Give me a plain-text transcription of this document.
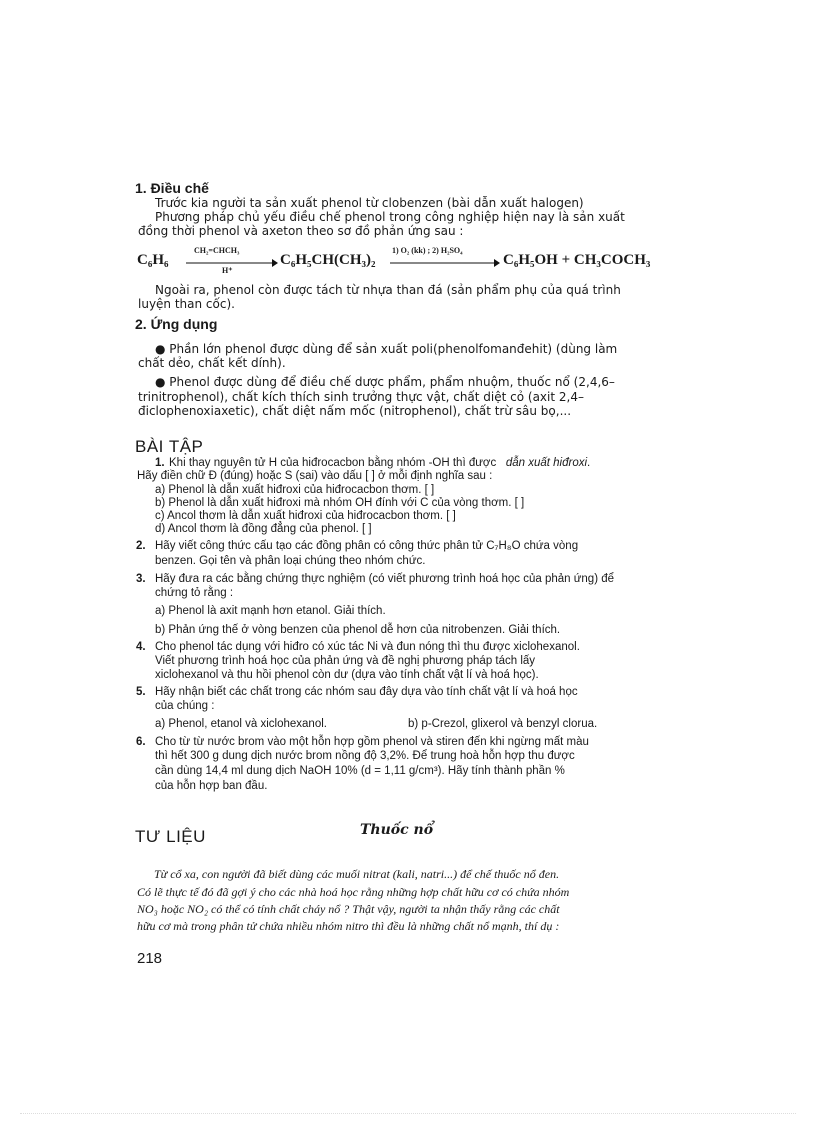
1. Điều chế
Trước kia người ta sản xuất phenol từ clobenzen (bài dẫn xuất halogen)
Phương pháp chủ yếu điều chế phenol trong công nghiệp hiện nay là sản xuất
đồng thời phenol và axeton theo sơ đồ phản ứng sau :
C₆H₆
CH₂=CHCH₃
H⁺
C₆H₅CH(CH₃)₂
1) O₂ (kk) ; 2) H₂SO₄
C₆H₅OH + CH₃COCH₃
Ngoài ra, phenol còn được tách từ nhựa than đá (sản phẩm phụ của quá trình
luyện than cốc).
2. Ứng dụng
● Phần lớn phenol được dùng để sản xuất poli(phenolfomanđehit) (dùng làm
chất dẻo, chất kết dính).
● Phenol được dùng để điều chế dược phẩm, phẩm nhuộm, thuốc nổ (2,4,6–
trinitrophenol), chất kích thích sinh trưởng thực vật, chất diệt cỏ (axit 2,4–
điclophenoxiaxetic), chất diệt nấm mốc (nitrophenol), chất trừ sâu bọ,...
BÀI TẬP
1. Khi thay nguyên tử H của hiđrocacbon bằng nhóm -OH thì được dẫn xuất hiđroxi.
Hãy điền chữ Đ (đúng) hoặc S (sai) vào dấu [ ] ở mỗi định nghĩa sau :
a) Phenol là dẫn xuất hiđroxi của hiđrocacbon thơm. [ ]
b) Phenol là dẫn xuất hiđroxi mà nhóm OH đính với C của vòng thơm. [ ]
c) Ancol thơm là dẫn xuất hiđroxi của hiđrocacbon thơm. [ ]
d) Ancol thơm là đồng đẳng của phenol. [ ]
2. Hãy viết công thức cấu tạo các đồng phân có công thức phân tử C₇H₈O chứa vòng
benzen. Gọi tên và phân loại chúng theo nhóm chức.
3. Hãy đưa ra các bằng chứng thực nghiệm (có viết phương trình hoá học của phản ứng) để
chứng tỏ rằng :
a) Phenol là axit mạnh hơn etanol. Giải thích.
b) Phản ứng thế ở vòng benzen của phenol dễ hơn của nitrobenzen. Giải thích.
4. Cho phenol tác dụng với hiđro có xúc tác Ni và đun nóng thì thu được xiclohexanol.
Viết phương trình hoá học của phản ứng và đề nghị phương pháp tách lấy
xiclohexanol và thu hồi phenol còn dư (dựa vào tính chất vật lí và hoá học).
5. Hãy nhận biết các chất trong các nhóm sau đây dựa vào tính chất vật lí và hoá học
của chúng :
a) Phenol, etanol và xiclohexanol.	b) p-Crezol, glixerol và benzyl clorua.
6. Cho từ từ nước brom vào một hỗn hợp gồm phenol và stiren đến khi ngừng mất màu
thì hết 300 g dung dịch nước brom nồng độ 3,2%. Để trung hoà hỗn hợp thu được
cần dùng 14,4 ml dung dịch NaOH 10% (d = 1,11 g/cm³). Hãy tính thành phần %
của hỗn hợp ban đầu.
TƯ LIỆU	Thuốc nổ
Từ cổ xa, con người đã biết dùng các muối nitrat (kali, natri...) để chế thuốc nổ đen.
Có lẽ thực tế đó đã gợi ý cho các nhà hoá học rằng những hợp chất hữu cơ có chứa nhóm
NO₃ hoặc NO₂ có thể có tính chất cháy nổ ? Thật vậy, người ta nhận thấy rằng các chất
hữu cơ mà trong phân tử chứa nhiều nhóm nitro thì đều là những chất nổ mạnh, thí dụ :
218
